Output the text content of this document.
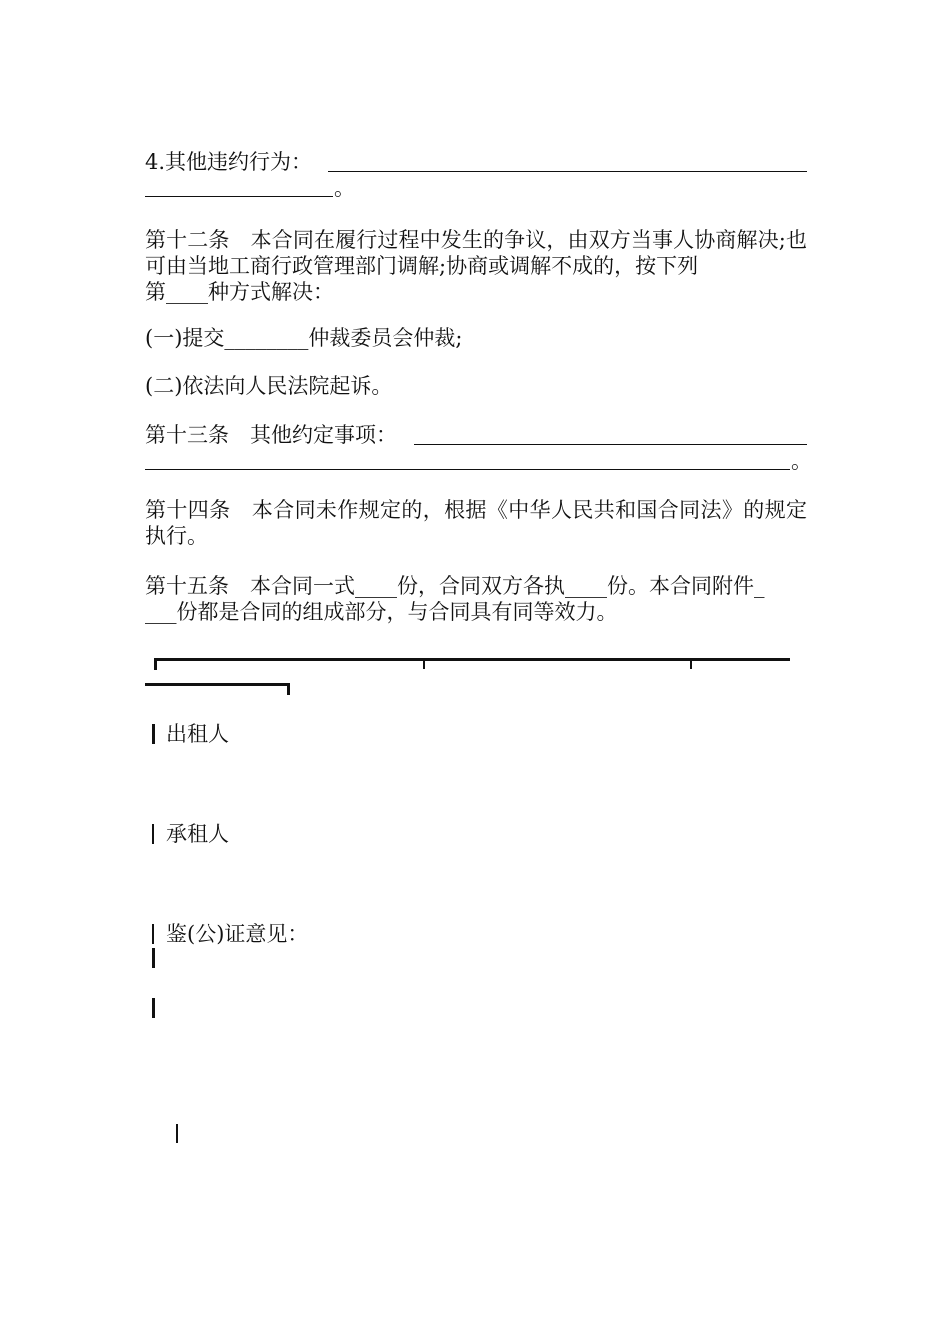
4.其他违约行为：
。

第十二条　本合同在履行过程中发生的争议，由双方当事人协商解决;也可由当地工商行政管理部门调解;协商或调解不成的，按下列

第____种方式解决：
(一)提交________仲裁委员会仲裁;
(二)依法向人民法院起诉。
第十三条　其他约定事项：
。

第十四条　本合同未作规定的，根据《中华人民共和国合同法》的规定执行。

第十五条　本合同一式____份，合同双方各执____份。本合同附件_
___份都是合同的组成部分，与合同具有同等效力。
出租人
承租人
鉴(公)证意见：
